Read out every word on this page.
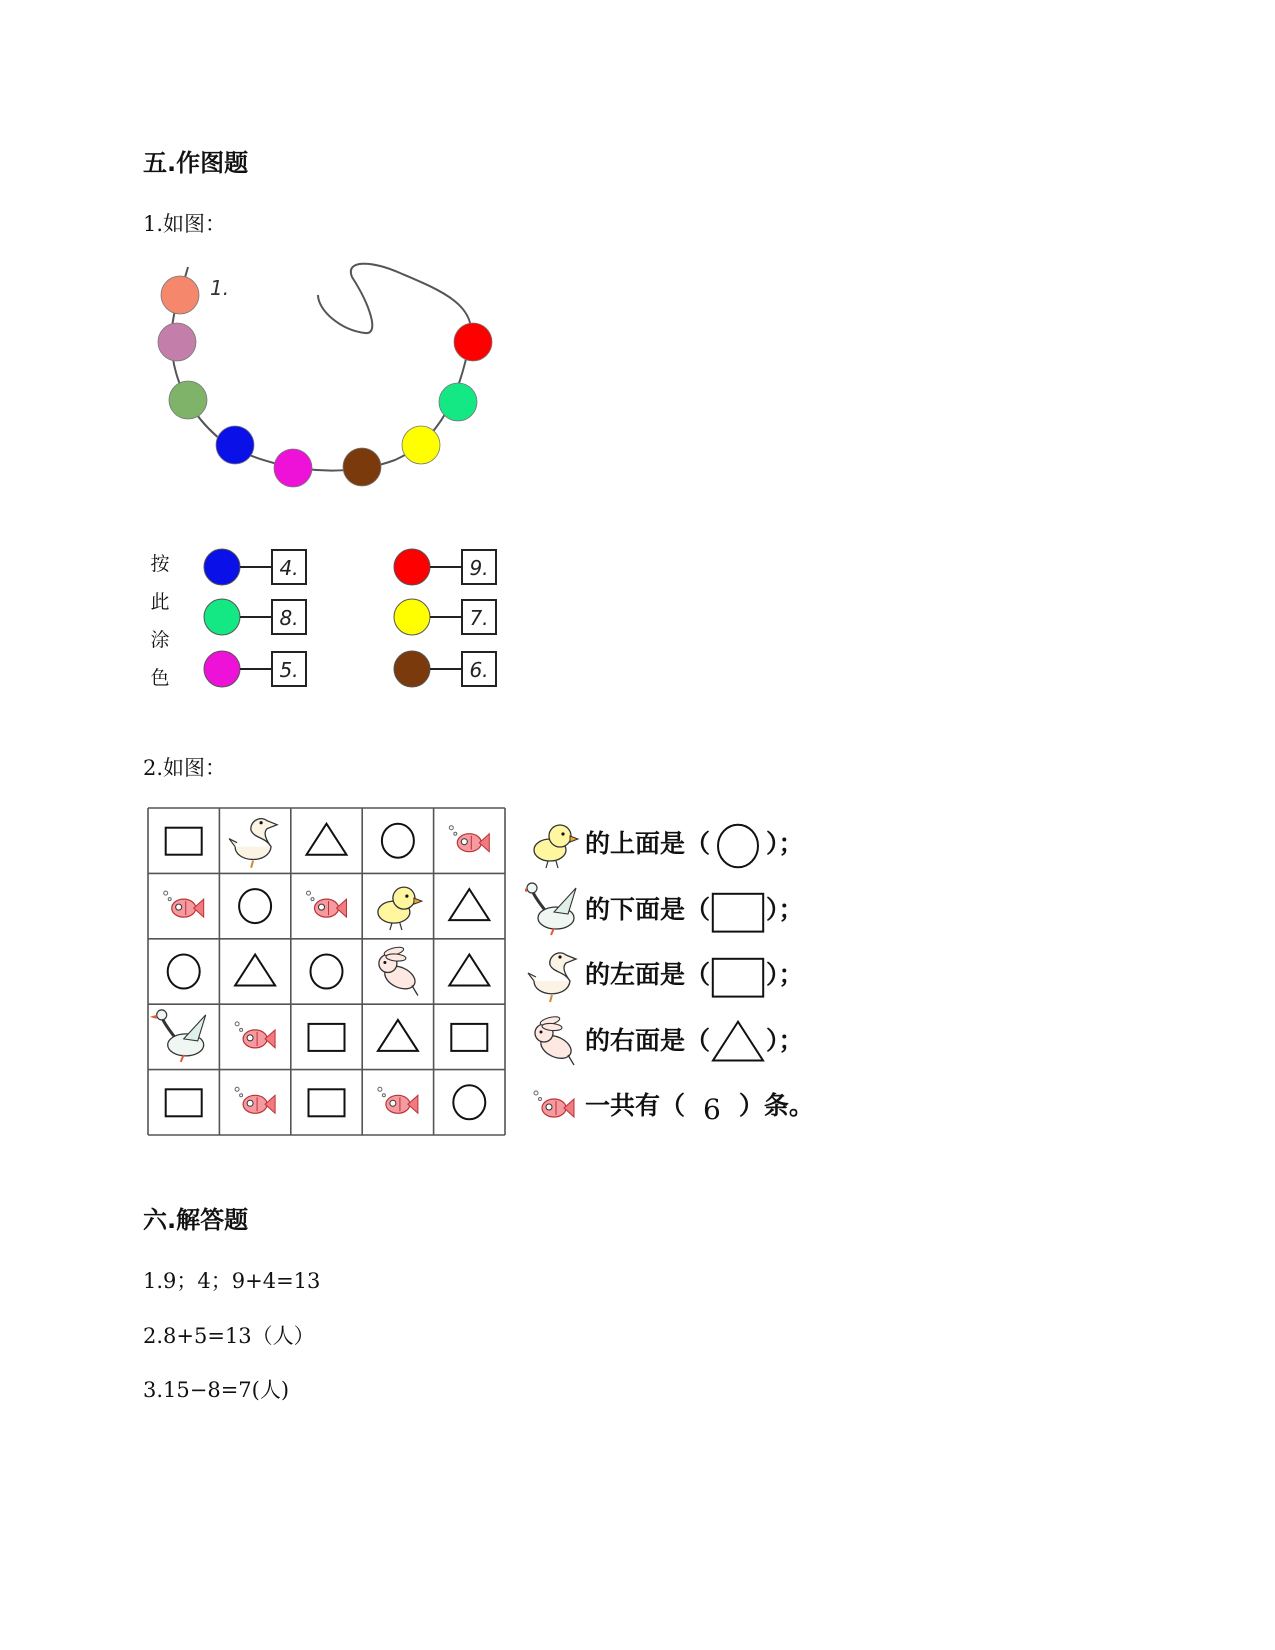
五.作图题
1.如图：
1.
按此涂色
4.
8.
5.
9.
7.
6.
2.如图：
的上面是（ ）；
的下面是（ ）；
的左面是（ ）；
的右面是（ ）；
一共有（ 6 ）条。
六.解答题
1.9；4；9+4=13
2.8+5=13（人）
3.15−8=7(人)
